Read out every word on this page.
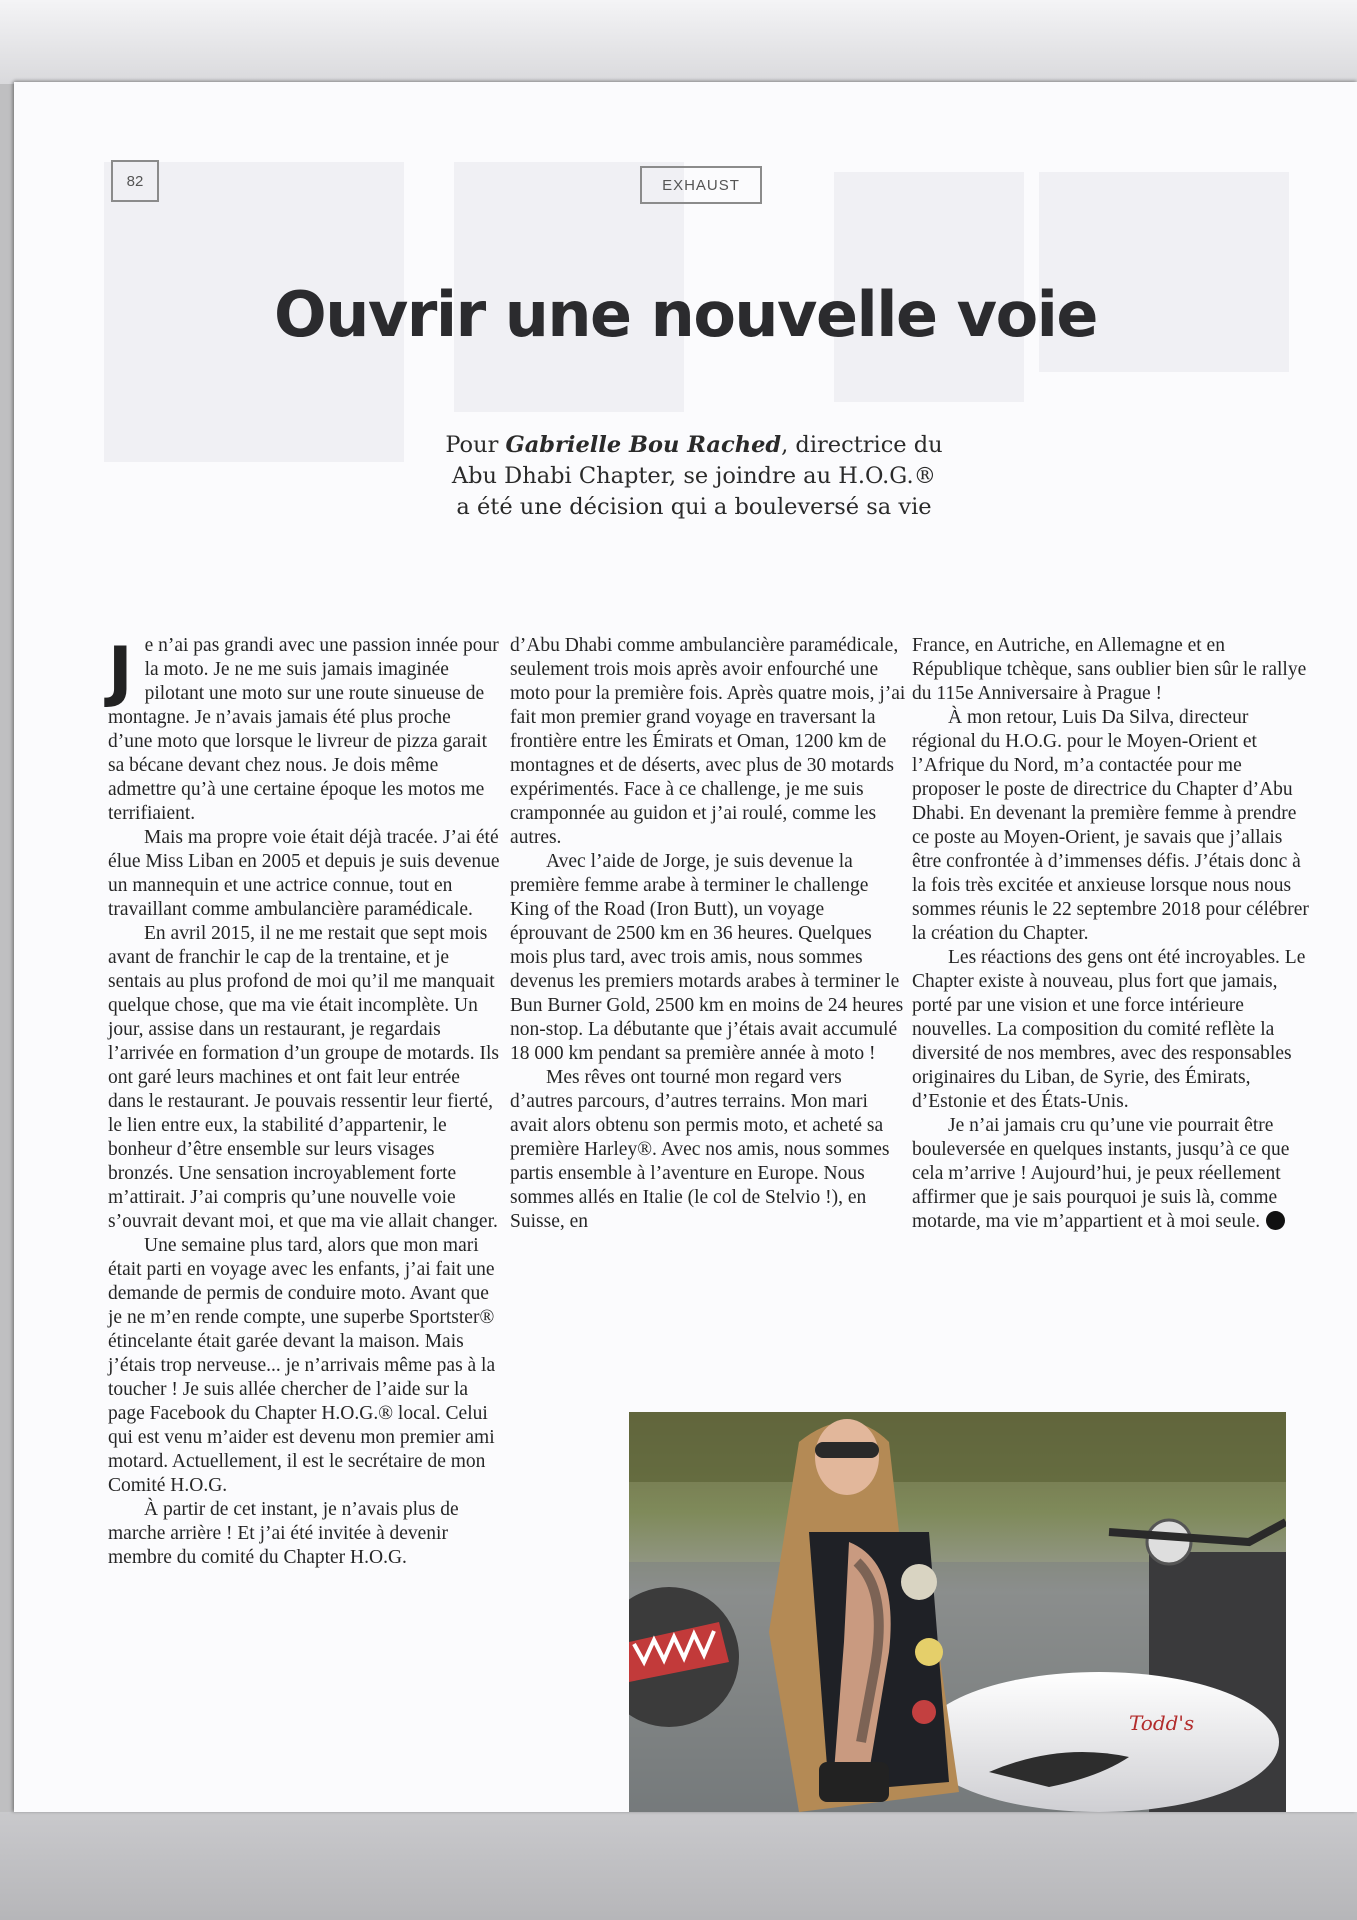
82	EXHAUST
Ouvrir une nouvelle voie
Pour Gabrielle Bou Rached, directrice du
Abu Dhabi Chapter, se joindre au H.O.G.®
a été une décision qui a bouleversé sa vie
J e n’ai pas grandi avec une passion innée pour la moto. Je ne me suis jamais imaginée pilotant une moto sur une route sinueuse de montagne. Je n’avais jamais été plus proche d’une moto que lorsque le livreur de pizza garait sa bécane devant chez nous. Je dois même admettre qu’à une certaine époque les motos me terrifiaient.

Mais ma propre voie était déjà tracée. J’ai été élue Miss Liban en 2005 et depuis je suis devenue un mannequin et une actrice connue, tout en travaillant comme ambulancière paramédicale.

En avril 2015, il ne me restait que sept mois avant de franchir le cap de la trentaine, et je sentais au plus profond de moi qu’il me manquait quelque chose, que ma vie était incomplète. Un jour, assise dans un restaurant, je regardais l’arrivée en formation d’un groupe de motards. Ils ont garé leurs machines et ont fait leur entrée dans le restaurant. Je pouvais ressentir leur fierté, le lien entre eux, la stabilité d’appartenir, le bonheur d’être ensemble sur leurs visages bronzés. Une sensation incroyablement forte m’attirait. J’ai compris qu’une nouvelle voie s’ouvrait devant moi, et que ma vie allait changer.

Une semaine plus tard, alors que mon mari était parti en voyage avec les enfants, j’ai fait une demande de permis de conduire moto. Avant que je ne m’en rende compte, une superbe Sportster® étincelante était garée devant la maison. Mais j’étais trop nerveuse... je n’arrivais même pas à la toucher ! Je suis allée chercher de l’aide sur la page Facebook du Chapter H.O.G.® local. Celui qui est venu m’aider est devenu mon premier ami motard. Actuellement, il est le secrétaire de mon Comité H.O.G.

À partir de cet instant, je n’avais plus de marche arrière ! Et j’ai été invitée à devenir membre du comité du Chapter H.O.G.

d’Abu Dhabi comme ambulancière paramédicale, seulement trois mois après avoir enfourché une moto pour la première fois. Après quatre mois, j’ai fait mon premier grand voyage en traversant la frontière entre les Émirats et Oman, 1200 km de montagnes et de déserts, avec plus de 30 motards expérimentés. Face à ce challenge, je me suis cramponnée au guidon et j’ai roulé, comme les autres.

Avec l’aide de Jorge, je suis devenue la première femme arabe à terminer le challenge King of the Road (Iron Butt), un voyage éprouvant de 2500 km en 36 heures. Quelques mois plus tard, avec trois amis, nous sommes devenus les premiers motards arabes à terminer le Bun Burner Gold, 2500 km en moins de 24 heures non-stop. La débutante que j’étais avait accumulé 18 000 km pendant sa première année à moto !

Mes rêves ont tourné mon regard vers d’autres parcours, d’autres terrains. Mon mari avait alors obtenu son permis moto, et acheté sa première Harley®. Avec nos amis, nous sommes partis ensemble à l’aventure en Europe. Nous sommes allés en Italie (le col de Stelvio !), en Suisse, en

France, en Autriche, en Allemagne et en République tchèque, sans oublier bien sûr le rallye du 115e Anniversaire à Prague !

À mon retour, Luis Da Silva, directeur régional du H.O.G. pour le Moyen-Orient et l’Afrique du Nord, m’a contactée pour me proposer le poste de directrice du Chapter d’Abu Dhabi. En devenant la première femme à prendre ce poste au Moyen-Orient, je savais que j’allais être confrontée à d’immenses défis. J’étais donc à la fois très excitée et anxieuse lorsque nous nous sommes réunis le 22 septembre 2018 pour célébrer la création du Chapter.

Les réactions des gens ont été incroyables. Le Chapter existe à nouveau, plus fort que jamais, porté par une vision et une force intérieure nouvelles. La composition du comité reflète la diversité de nos membres, avec des responsables originaires du Liban, de Syrie, des Émirats, d’Estonie et des États-Unis.

Je n’ai jamais cru qu’une vie pourrait être bouleversée en quelques instants, jusqu’à ce que cela m’arrive ! Aujourd’hui, je peux réellement affirmer que je sais pourquoi je suis là, comme motarde, ma vie m’appartient et à moi seule.

Todd's
